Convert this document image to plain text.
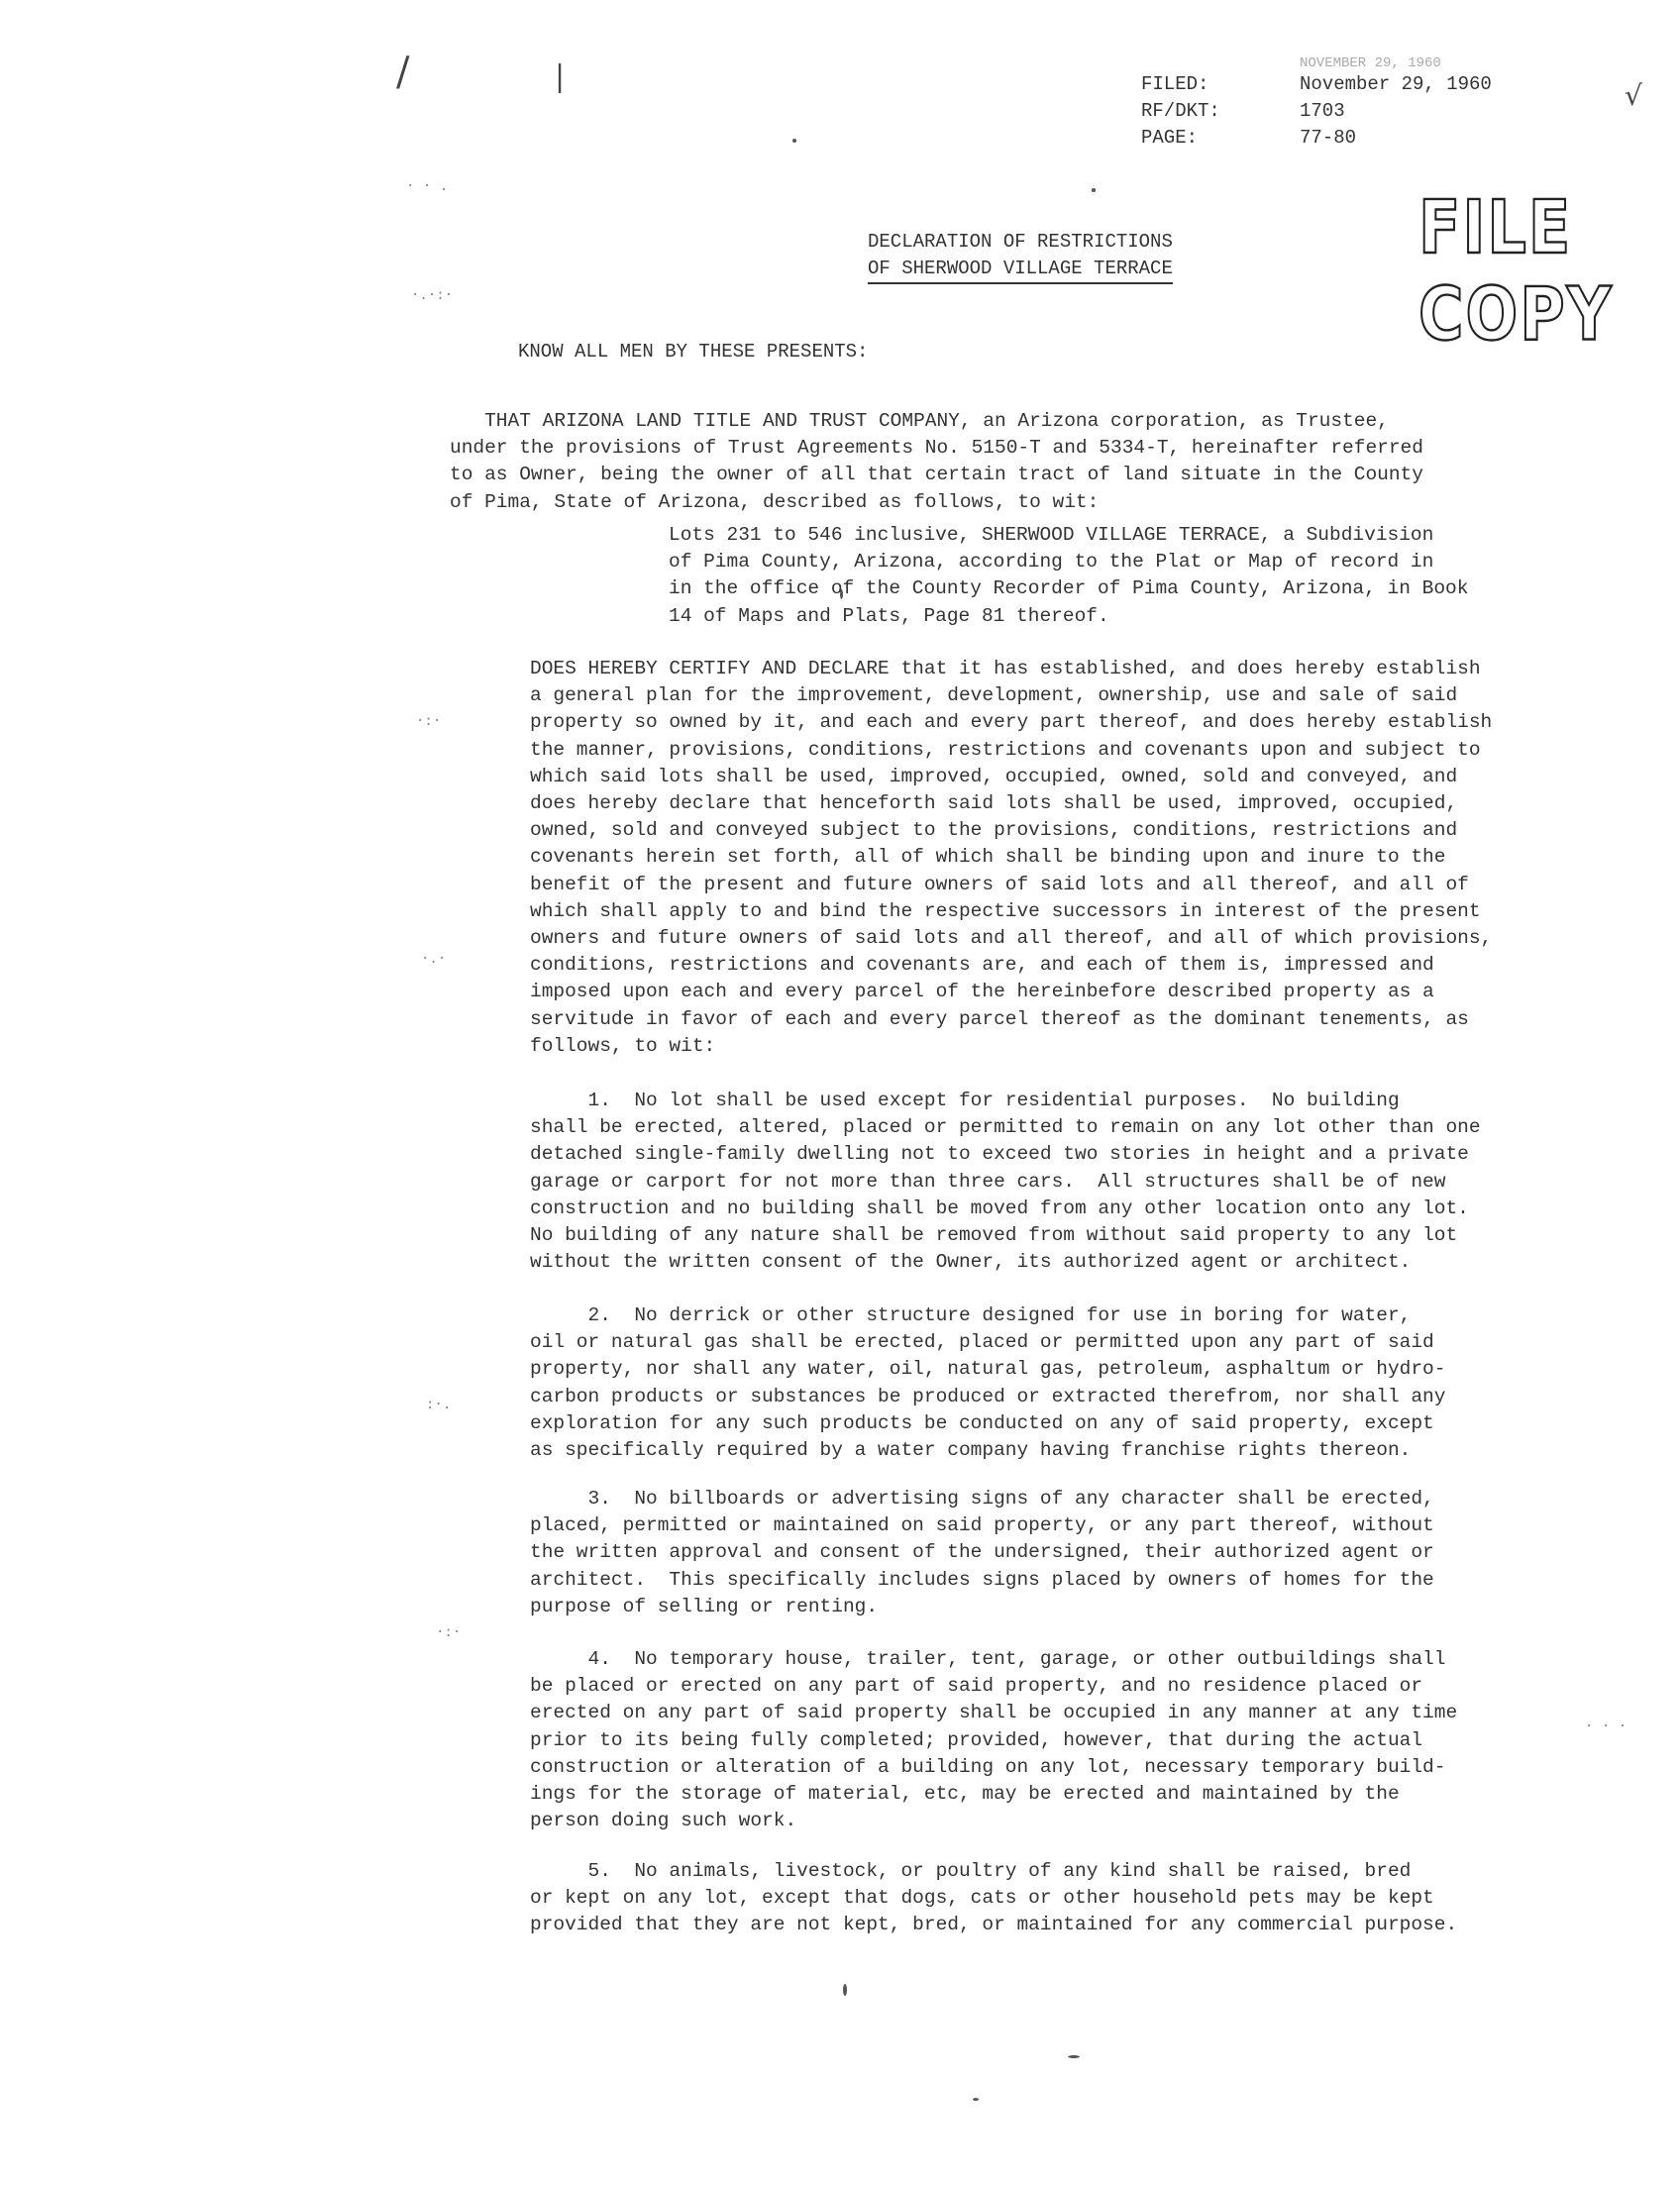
/	|
√
· · .
·.·:·
·:·
·.·
:·.
·:·
· · ·
NOVEMBER 29, 1960
FILED:	November 29, 1960
RF/DKT:	1703
PAGE:	77-80
FILE COPY
DECLARATION OF RESTRICTIONS
OF SHERWOOD VILLAGE TERRACE
KNOW ALL MEN BY THESE PRESENTS:
THAT ARIZONA LAND TITLE AND TRUST COMPANY, an Arizona corporation, as Trustee,
under the provisions of Trust Agreements No. 5150-T and 5334-T, hereinafter referred
to as Owner, being the owner of all that certain tract of land situate in the County
of Pima, State of Arizona, described as follows, to wit:
Lots 231 to 546 inclusive, SHERWOOD VILLAGE TERRACE, a Subdivision
of Pima County, Arizona, according to the Plat or Map of record in
in the office of the County Recorder of Pima County, Arizona, in Book
14 of Maps and Plats, Page 81 thereof.
DOES HEREBY CERTIFY AND DECLARE that it has established, and does hereby establish
a general plan for the improvement, development, ownership, use and sale of said
property so owned by it, and each and every part thereof, and does hereby establish
the manner, provisions, conditions, restrictions and covenants upon and subject to
which said lots shall be used, improved, occupied, owned, sold and conveyed, and
does hereby declare that henceforth said lots shall be used, improved, occupied,
owned, sold and conveyed subject to the provisions, conditions, restrictions and
covenants herein set forth, all of which shall be binding upon and inure to the
benefit of the present and future owners of said lots and all thereof, and all of
which shall apply to and bind the respective successors in interest of the present
owners and future owners of said lots and all thereof, and all of which provisions,
conditions, restrictions and covenants are, and each of them is, impressed and
imposed upon each and every parcel of the hereinbefore described property as a
servitude in favor of each and every parcel thereof as the dominant tenements, as
follows, to wit:
1.  No lot shall be used except for residential purposes.  No building
shall be erected, altered, placed or permitted to remain on any lot other than one
detached single-family dwelling not to exceed two stories in height and a private
garage or carport for not more than three cars.  All structures shall be of new
construction and no building shall be moved from any other location onto any lot.
No building of any nature shall be removed from without said property to any lot
without the written consent of the Owner, its authorized agent or architect.
2.  No derrick or other structure designed for use in boring for water,
oil or natural gas shall be erected, placed or permitted upon any part of said
property, nor shall any water, oil, natural gas, petroleum, asphaltum or hydro-
carbon products or substances be produced or extracted therefrom, nor shall any
exploration for any such products be conducted on any of said property, except
as specifically required by a water company having franchise rights thereon.
3.  No billboards or advertising signs of any character shall be erected,
placed, permitted or maintained on said property, or any part thereof, without
the written approval and consent of the undersigned, their authorized agent or
architect.  This specifically includes signs placed by owners of homes for the
purpose of selling or renting.
4.  No temporary house, trailer, tent, garage, or other outbuildings shall
be placed or erected on any part of said property, and no residence placed or
erected on any part of said property shall be occupied in any manner at any time
prior to its being fully completed; provided, however, that during the actual
construction or alteration of a building on any lot, necessary temporary build-
ings for the storage of material, etc, may be erected and maintained by the
person doing such work.
5.  No animals, livestock, or poultry of any kind shall be raised, bred
or kept on any lot, except that dogs, cats or other household pets may be kept
provided that they are not kept, bred, or maintained for any commercial purpose.
